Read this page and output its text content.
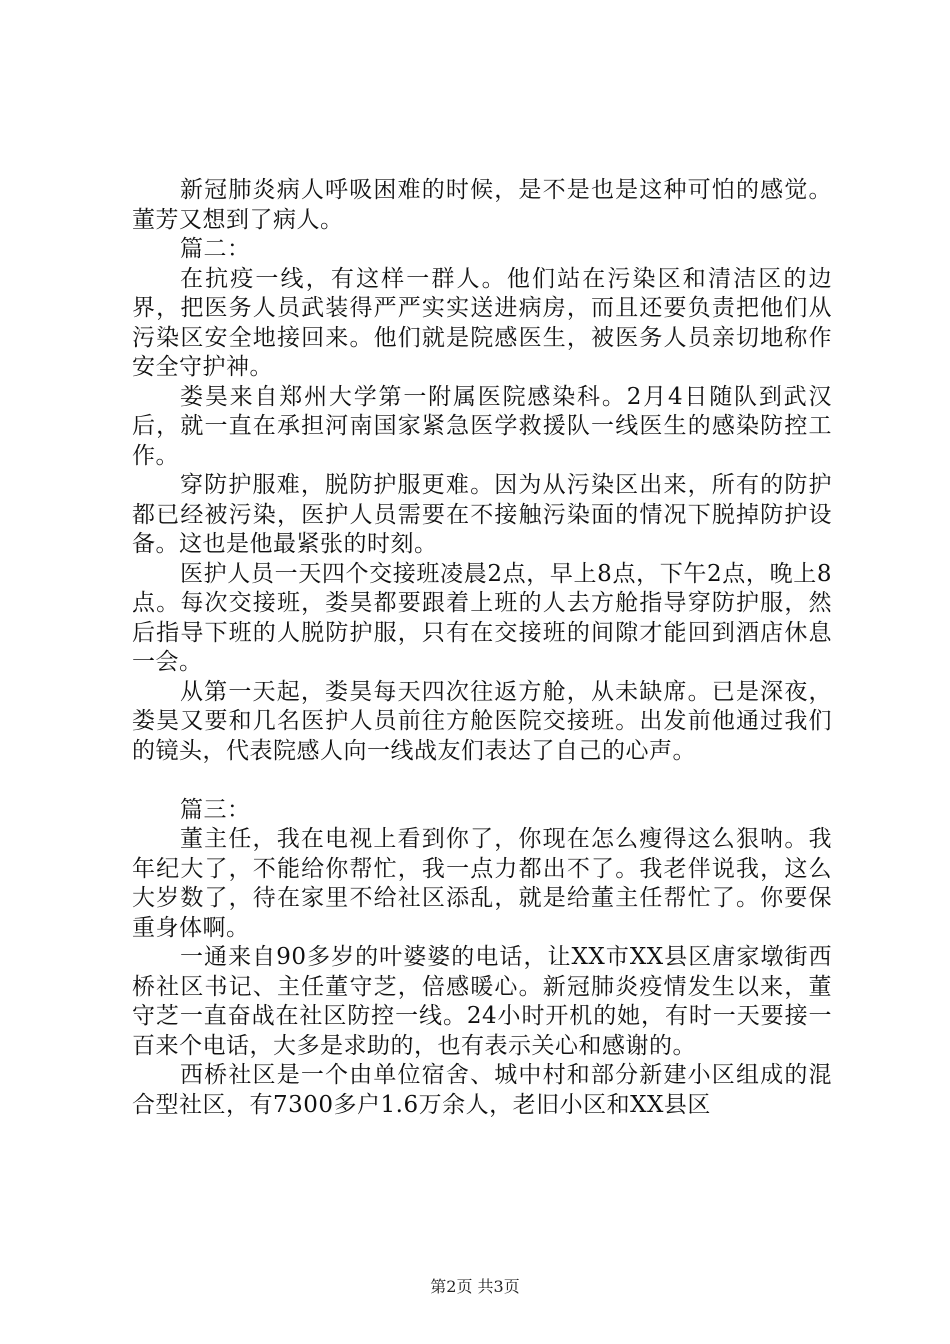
新冠肺炎病人呼吸困难的时候，是不是也是这种可怕的感觉。董芳又想到了病人。

篇二：

在抗疫一线，有这样一群人。他们站在污染区和清洁区的边界，把医务人员武装得严严实实送进病房，而且还要负责把他们从污染区安全地接回来。他们就是院感医生，被医务人员亲切地称作安全守护神。

娄昊来自郑州大学第一附属医院感染科。2月4日随队到武汉后，就一直在承担河南国家紧急医学救援队一线医生的感染防控工作。

穿防护服难，脱防护服更难。因为从污染区出来，所有的防护都已经被污染，医护人员需要在不接触污染面的情况下脱掉防护设备。这也是他最紧张的时刻。

医护人员一天四个交接班凌晨2点，早上8点，下午2点，晚上8点。每次交接班，娄昊都要跟着上班的人去方舱指导穿防护服，然后指导下班的人脱防护服，只有在交接班的间隙才能回到酒店休息一会。

从第一天起，娄昊每天四次往返方舱，从未缺席。已是深夜，娄昊又要和几名医护人员前往方舱医院交接班。出发前他通过我们的镜头，代表院感人向一线战友们表达了自己的心声。

篇三：

董主任，我在电视上看到你了，你现在怎么瘦得这么狠呐。我年纪大了，不能给你帮忙，我一点力都出不了。我老伴说我，这么大岁数了，待在家里不给社区添乱，就是给董主任帮忙了。你要保重身体啊。

一通来自90多岁的叶婆婆的电话，让XX市XX县区唐家墩街西桥社区书记、主任董守芝，倍感暖心。新冠肺炎疫情发生以来，董守芝一直奋战在社区防控一线。24小时开机的她，有时一天要接一百来个电话，大多是求助的，也有表示关心和感谢的。

西桥社区是一个由单位宿舍、城中村和部分新建小区组成的混合型社区，有7300多户1.6万余人，老旧小区和XX县区

第2页 共3页
